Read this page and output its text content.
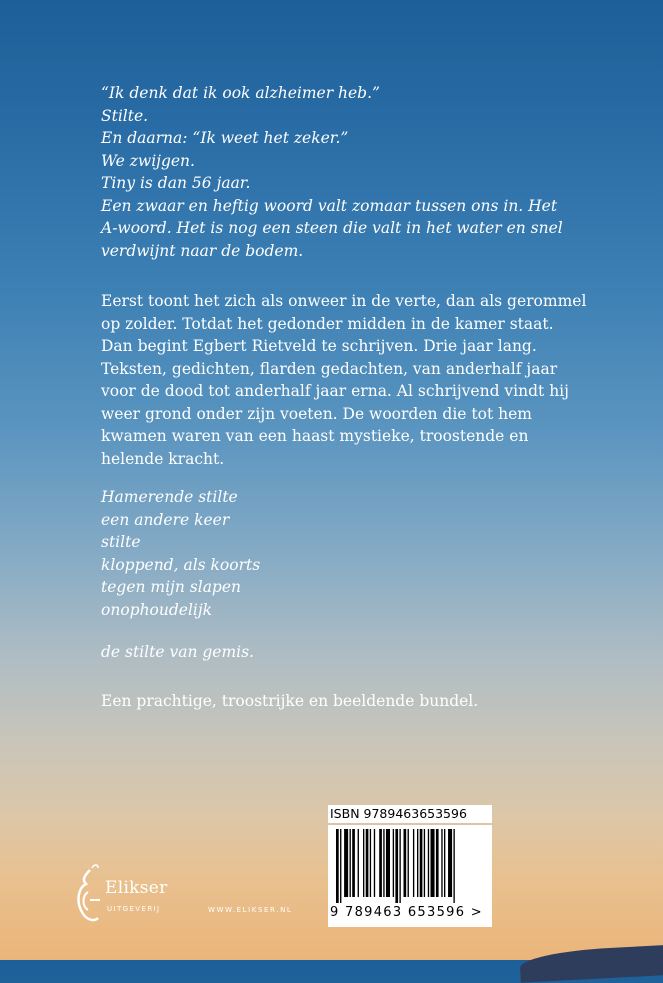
“Ik denk dat ik ook alzheimer heb.”
Stilte.
En daarna: “Ik weet het zeker.”
We zwijgen.
Tiny is dan 56 jaar.
Een zwaar en heftig woord valt zomaar tussen ons in. Het
A-woord. Het is nog een steen die valt in het water en snel
verdwijnt naar de bodem.
Eerst toont het zich als onweer in de verte, dan als gerommel
op zolder. Totdat het gedonder midden in de kamer staat.
Dan begint Egbert Rietveld te schrijven. Drie jaar lang.
Teksten, gedichten, flarden gedachten, van anderhalf jaar
voor de dood tot anderhalf jaar erna. Al schrijvend vindt hij
weer grond onder zijn voeten. De woorden die tot hem
kwamen waren van een haast mystieke, troostende en
helende kracht.
Hamerende stilte
een andere keer
stilte
kloppend, als koorts
tegen mijn slapen
onophoudelijk
de stilte van gemis.
Een prachtige, troostrijke en beeldende bundel.
ISBN 9789463653596
9 789463 653596 >
Elikser
UITGEVERIJ	WWW.ELIKSER.NL
